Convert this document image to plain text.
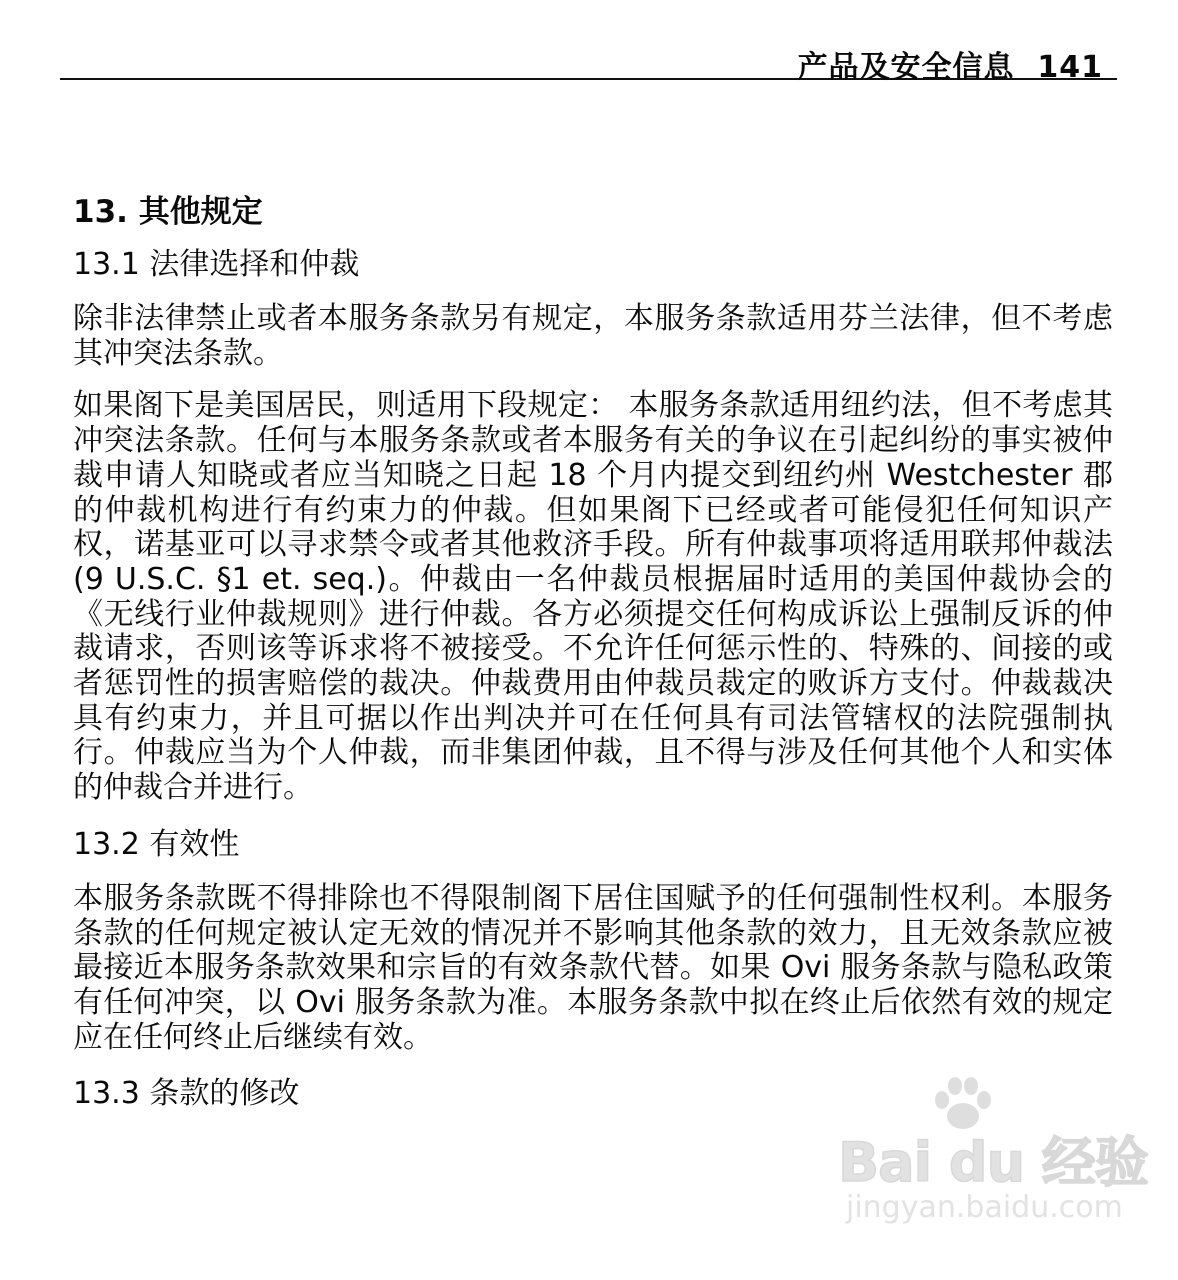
产品及安全信息 141
13. 其他规定
13.1 法律选择和仲裁
除非法律禁止或者本服务条款另有规定，本服务条款适用芬兰法律，但不考虑其冲突法条款。
如果阁下是美国居民，则适用下段规定： 本服务条款适用纽约法，但不考虑其冲突法条款。任何与本服务条款或者本服务有关的争议在引起纠纷的事实被仲裁申请人知晓或者应当知晓之日起 18 个月内提交到纽约州 Westchester 郡的仲裁机构进行有约束力的仲裁。但如果阁下已经或者可能侵犯任何知识产权，诺基亚可以寻求禁令或者其他救济手段。所有仲裁事项将适用联邦仲裁法 (9 U.S.C. §1 et. seq.)。仲裁由一名仲裁员根据届时适用的美国仲裁协会的《无线行业仲裁规则》进行仲裁。各方必须提交任何构成诉讼上强制反诉的仲裁请求，否则该等诉求将不被接受。不允许任何惩示性的、特殊的、间接的或者惩罚性的损害赔偿的裁决。仲裁费用由仲裁员裁定的败诉方支付。仲裁裁决具有约束力，并且可据以作出判决并可在任何具有司法管辖权的法院强制执行。仲裁应当为个人仲裁，而非集团仲裁，且不得与涉及任何其他个人和实体的仲裁合并进行。
13.2 有效性
本服务条款既不得排除也不得限制阁下居住国赋予的任何强制性权利。本服务条款的任何规定被认定无效的情况并不影响其他条款的效力，且无效条款应被最接近本服务条款效果和宗旨的有效条款代替。如果 Ovi 服务条款与隐私政策有任何冲突，以 Ovi 服务条款为准。本服务条款中拟在终止后依然有效的规定应在任何终止后继续有效。
13.3 条款的修改
Bai du 经验
jingyan.baidu.com
